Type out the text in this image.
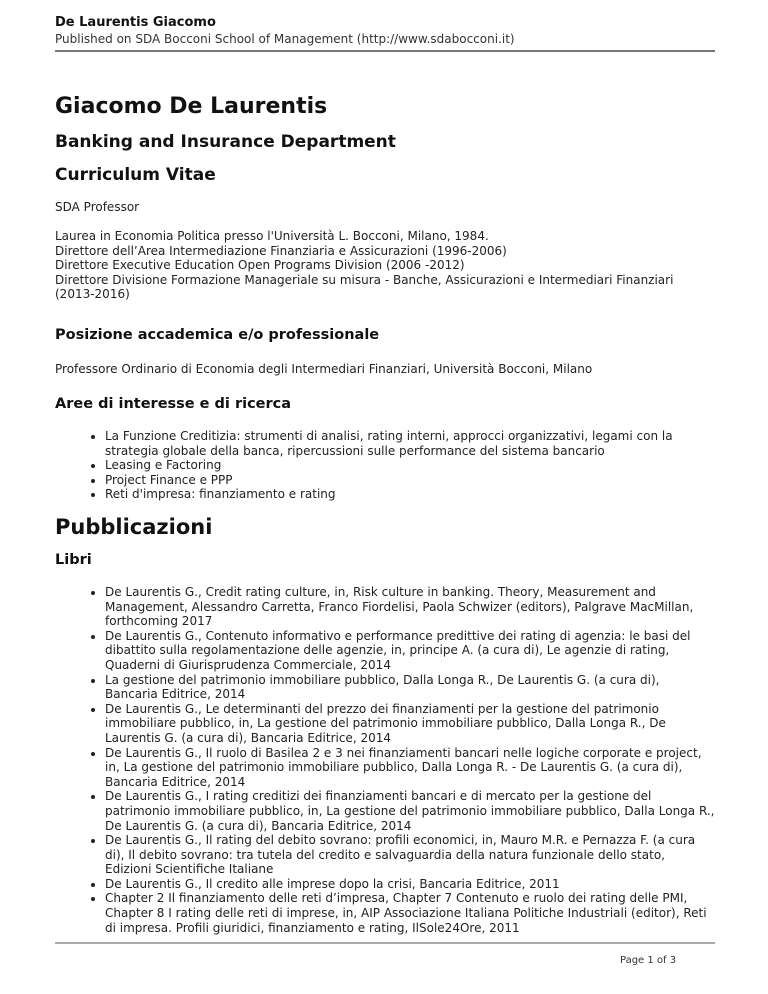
De Laurentis Giacomo
Published on SDA Bocconi School of Management (http://www.sdabocconi.it)
Giacomo De Laurentis
Banking and Insurance Department
Curriculum Vitae
SDA Professor
Laurea in Economia Politica presso l'Università L. Bocconi, Milano, 1984.
Direttore dell’Area Intermediazione Finanziaria e Assicurazioni (1996-2006)
Direttore Executive Education Open Programs Division (2006 -2012)
Direttore Divisione Formazione Manageriale su misura - Banche, Assicurazioni e Intermediari Finanziari (2013-2016)
Posizione accademica e/o professionale
Professore Ordinario di Economia degli Intermediari Finanziari, Università Bocconi, Milano
Aree di interesse e di ricerca
• La Funzione Creditizia: strumenti di analisi, rating interni, approcci organizzativi, legami con la strategia globale della banca, ripercussioni sulle performance del sistema bancario
• Leasing e Factoring
• Project Finance e PPP
• Reti d'impresa: finanziamento e rating
Pubblicazioni
Libri
• De Laurentis G., Credit rating culture, in, Risk culture in banking. Theory, Measurement and Management, Alessandro Carretta, Franco Fiordelisi, Paola Schwizer (editors), Palgrave MacMillan, forthcoming 2017
• De Laurentis G., Contenuto informativo e performance predittive dei rating di agenzia: le basi del dibattito sulla regolamentazione delle agenzie, in, principe A. (a cura di), Le agenzie di rating, Quaderni di Giurisprudenza Commerciale, 2014
• La gestione del patrimonio immobiliare pubblico, Dalla Longa R., De Laurentis G. (a cura di), Bancaria Editrice, 2014
• De Laurentis G., Le determinanti del prezzo dei finanziamenti per la gestione del patrimonio immobiliare pubblico, in, La gestione del patrimonio immobiliare pubblico, Dalla Longa R., De Laurentis G. (a cura di), Bancaria Editrice, 2014
• De Laurentis G., Il ruolo di Basilea 2 e 3 nei finanziamenti bancari nelle logiche corporate e project, in, La gestione del patrimonio immobiliare pubblico, Dalla Longa R. - De Laurentis G. (a cura di), Bancaria Editrice, 2014
• De Laurentis G., I rating creditizi dei finanziamenti bancari e di mercato per la gestione del patrimonio immobiliare pubblico, in, La gestione del patrimonio immobiliare pubblico, Dalla Longa R., De Laurentis G. (a cura di), Bancaria Editrice, 2014
• De Laurentis G., Il rating del debito sovrano: profili economici, in, Mauro M.R. e Pernazza F. (a cura di), Il debito sovrano: tra tutela del credito e salvaguardia della natura funzionale dello stato, Edizioni Scientifiche Italiane
• De Laurentis G., Il credito alle imprese dopo la crisi, Bancaria Editrice, 2011
• Chapter 2 Il finanziamento delle reti d’impresa, Chapter 7 Contenuto e ruolo dei rating delle PMI, Chapter 8 I rating delle reti di imprese, in, AIP Associazione Italiana Politiche Industriali (editor), Reti di impresa. Profili giuridici, finanziamento e rating, IlSole24Ore, 2011
Page 1 of 3
